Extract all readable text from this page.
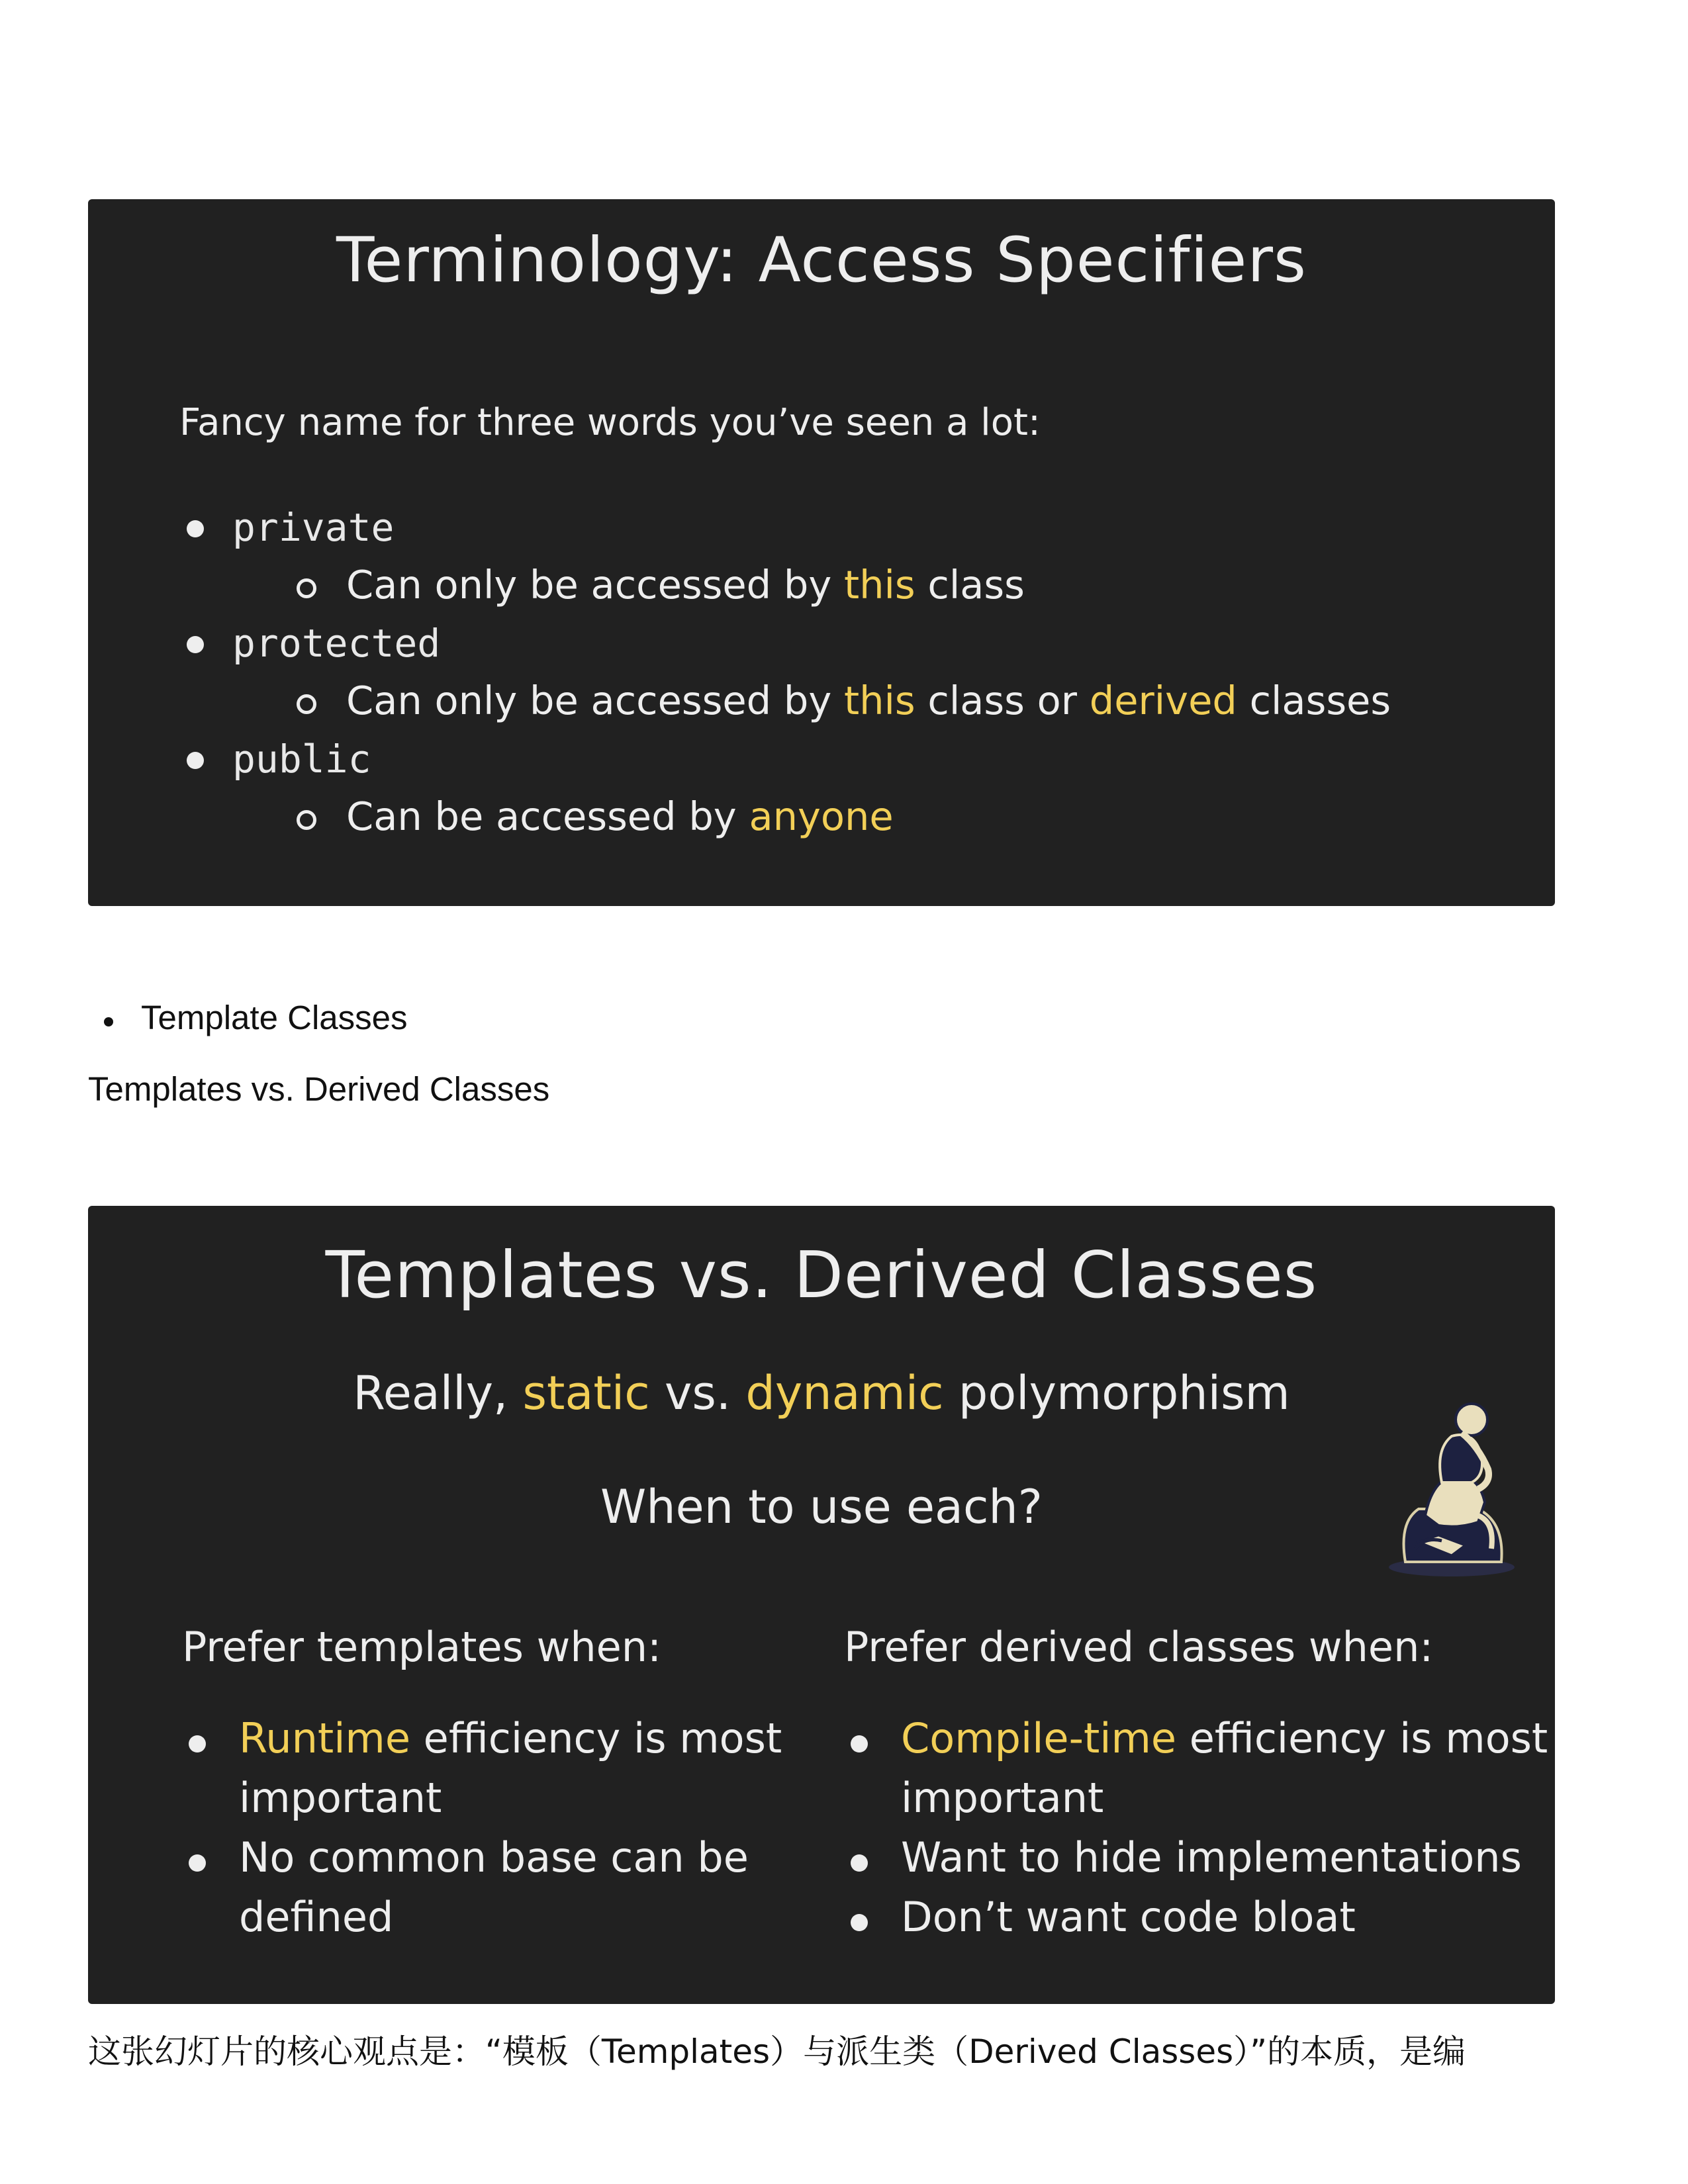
Terminology: Access Specifiers
Fancy name for three words you’ve seen a lot:
private
Can only be accessed by this class
protected
Can only be accessed by this class or derived classes
public
Can be accessed by anyone
Template Classes
Templates vs. Derived Classes
Templates vs. Derived Classes
Really, static vs. dynamic polymorphism
When to use each?
Prefer templates when:
Runtime efficiency is most
important
No common base can be
defined
Prefer derived classes when:
Compile-time efficiency is most
important
Want to hide implementations
Don’t want code bloat
这张幻灯片的核心观点是：“模板（Templates）与派生类（Derived Classes）”的本质，是编
